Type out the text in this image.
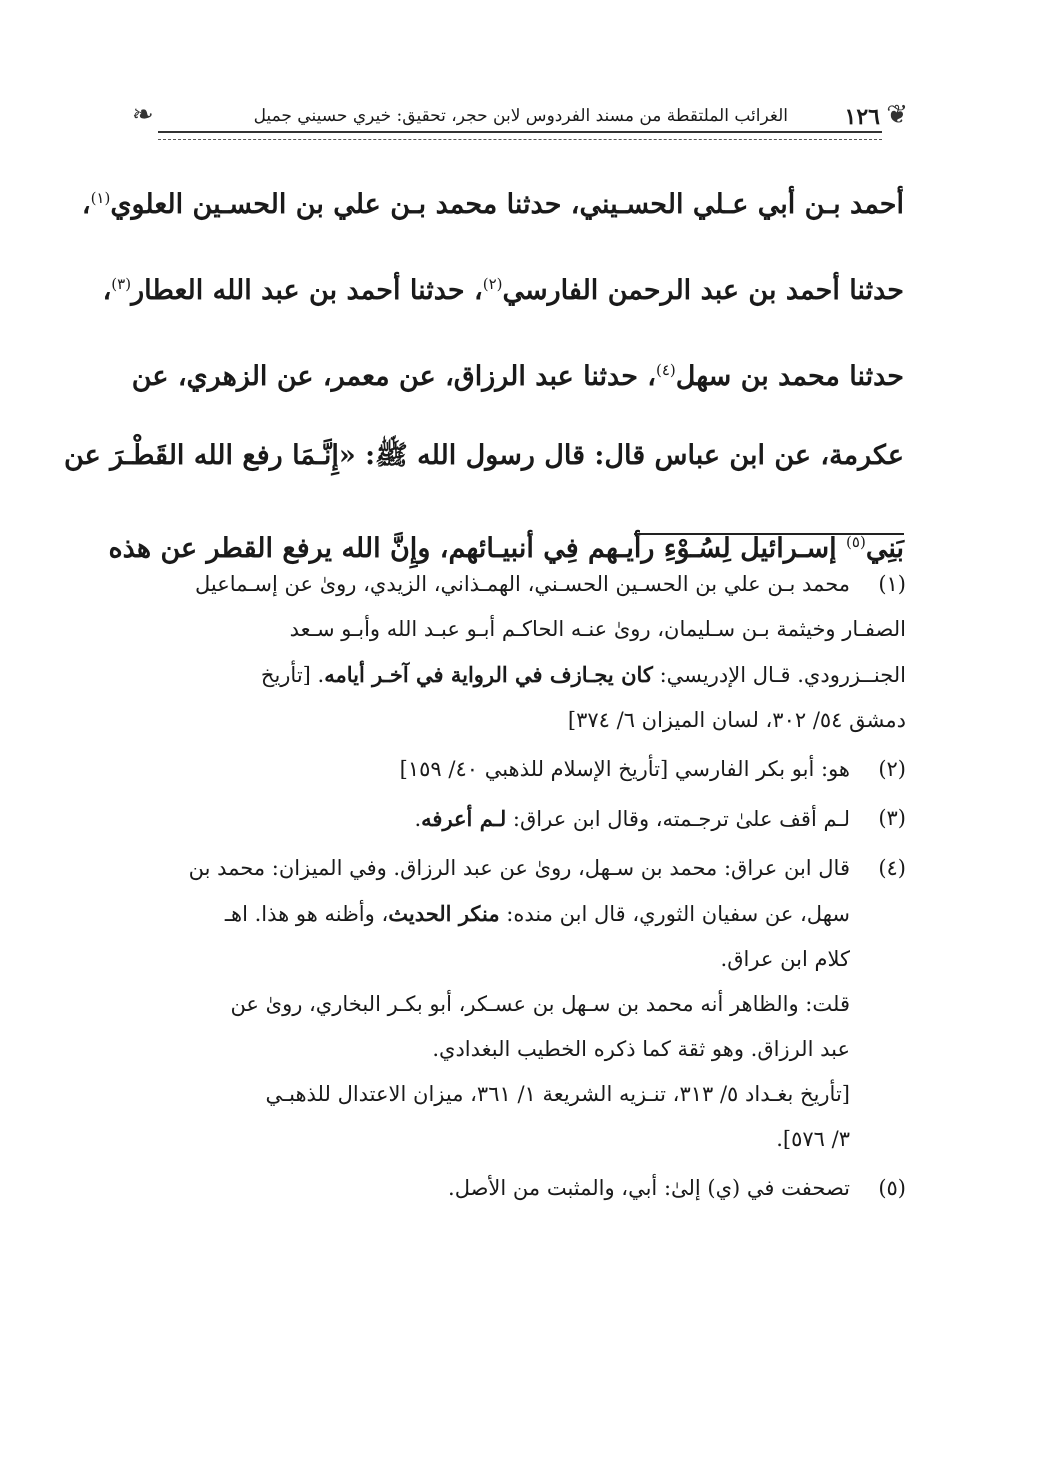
❦
١٢٦
الغرائب الملتقطة من مسند الفردوس لابن حجر، تحقيق: خيري حسيني جميل
❧

أحمد بـن أبي عـلي الحسـيني، حدثنا محمد بـن علي بن الحسـين العلوي$^{(١)}$،

حدثنا أحمد بن عبد الرحمن الفارسي$^{(٢)}$، حدثنا أحمد بن عبد الله العطار$^{(٣)}$،

حدثنا محمد بن سهل$^{(٤)}$، حدثنا عبد الرزاق، عن معمر، عن الزهري، عن

عكرمة، عن ابن عباس قال: قال رسول الله ﷺ: «إِنَّـمَا رفع الله القَطْـرَ عن

بَنِي$^{(٥)}$ إسـرائيل لِسُـوْءِ رأيـهم فِي أنبيـائهم، وإِنَّ الله يرفع القطر عن هذه

(١)
محمد بـن علي بن الحسـين الحسـني، الهمـذاني، الزيدي، روىٰ عن إسـماعيل
الصفـار وخيثمة بـن سـليمان، روىٰ عنـه الحاكـم أبـو عبـد الله وأبـو سـعد
الجنــزرودي. قـال الإدريسي: كان يجـازف في الرواية في آخـر أيامه. [تأريخ
دمشق ٥٤/ ٣٠٢، لسان الميزان ٦/ ٣٧٤]
(٢)
هو: أبو بكر الفارسي [تأريخ الإسلام للذهبي ٤٠/ ١٥٩]
(٣)
لـم أقف علىٰ ترجـمته، وقال ابن عراق: لـم أعرفه.
(٤)
قال ابن عراق: محمد بن سـهل، روىٰ عن عبد الرزاق. وفي الميزان: محمد بن
سهل، عن سفيان الثوري، قال ابن منده: منكر الحديث، وأظنه هو هذا. اهـ
كلام ابن عراق.
قلت: والظاهر أنه محمد بن سـهل بن عسـكر، أبو بكـر البخاري، روىٰ عن
عبد الرزاق. وهو ثقة كما ذكره الخطيب البغدادي.
[تأريخ بغـداد ٥/ ٣١٣، تنـزيه الشريعة ١/ ٣٦١، ميزان الاعتدال للذهبـي
٣/ ٥٧٦].
(٥)
تصحفت في (ي) إلىٰ: أبي، والمثبت من الأصل.
